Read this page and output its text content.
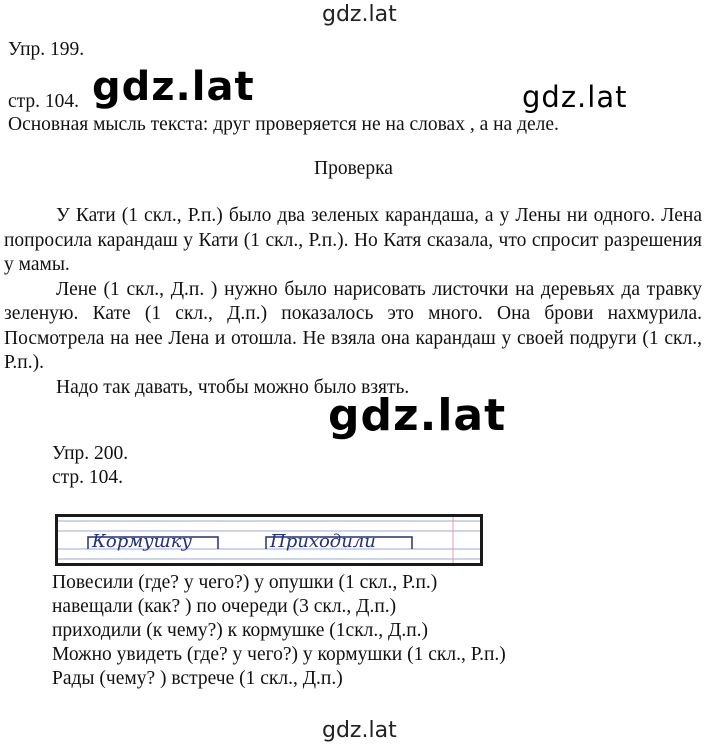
gdz.lat
gdz.lat	gdz.lat
gdz.lat
gdz.lat
Упр. 199.
стр. 104.
Основная мысль текста: друг проверяется не на словах , а на деле.
Проверка

У Кати (1 скл., Р.п.) было два зеленых карандаша, а у Лены ни одного. Лена попросила карандаш у Кати (1 скл., Р.п.). Но Катя сказала, что спросит разрешения у мамы.

Лене (1 скл., Д.п. ) нужно было нарисовать листочки на деревьях да травку зеленую. Кате (1 скл., Д.п.) показалось это много. Она брови нахмурила. Посмотрела на нее Лена и отошла. Не взяла она карандаш у своей подруги (1 скл., Р.п.).

Надо так давать, чтобы можно было взять.

Упр. 200.
стр. 104.
Кормушку	Приходили
Повесили (где? у чего?) у опушки (1 скл., Р.п.)
навещали (как? ) по очереди (3 скл., Д.п.)
приходили (к чему?) к кормушке (1скл., Д.п.)
Можно увидеть (где? у чего?) у кормушки (1 скл., Р.п.)
Рады (чему? ) встрече (1 скл., Д.п.)
